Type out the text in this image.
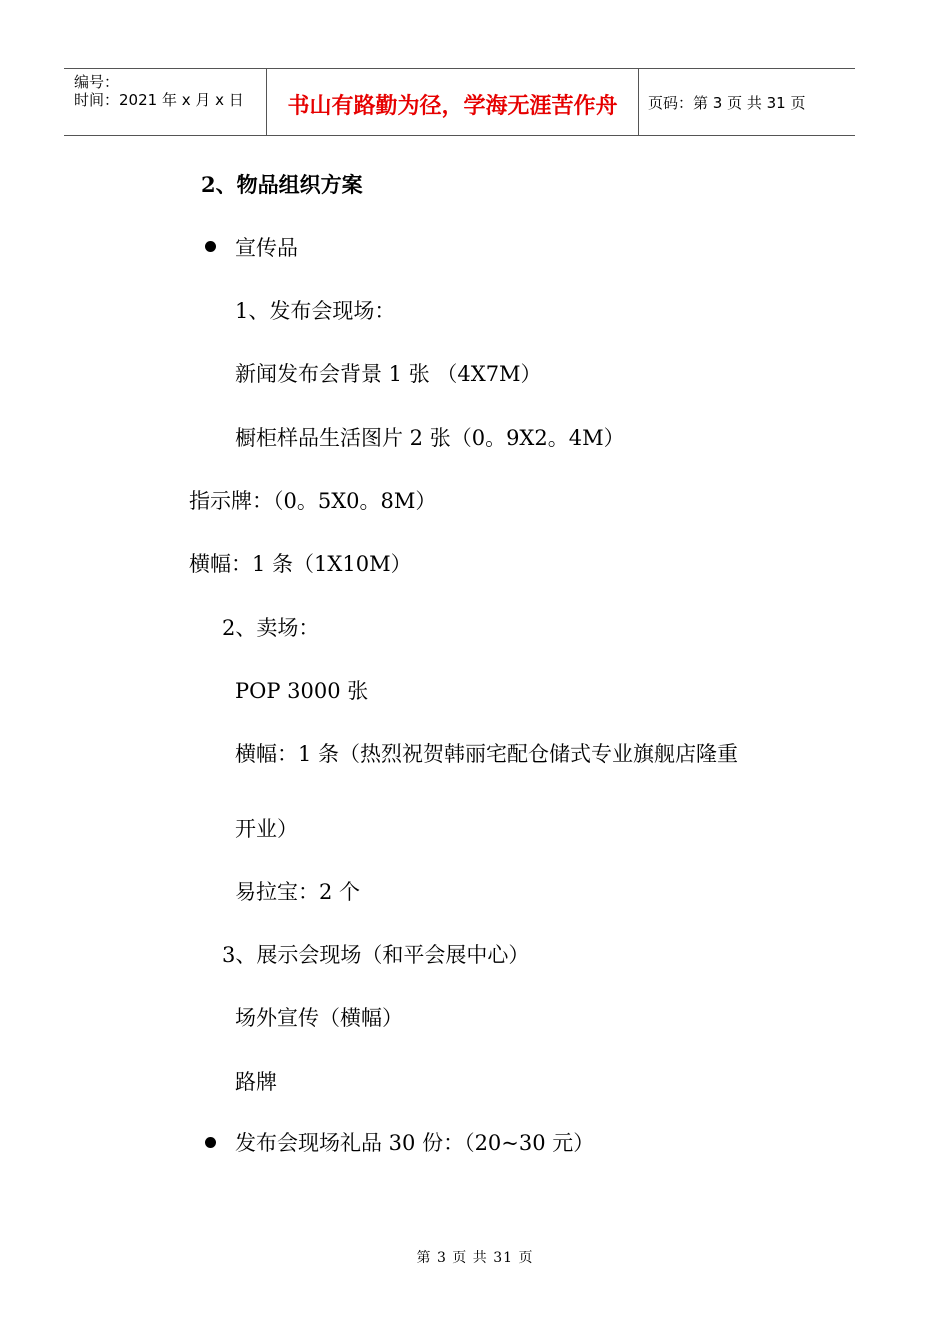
编号：
时间：2021 年 x 月 x 日	书山有路勤为径，学海无涯苦作舟	页码：第 3 页 共 31 页
2、物品组织方案
宣传品
1、发布会现场：
新闻发布会背景 1 张 （4X7M）
橱柜样品生活图片 2 张（0。9X2。4M）
指示牌：（0。5X0。8M）
横幅：1 条（1X10M）
2、卖场：
POP 3000 张
横幅：1 条（热烈祝贺韩丽宅配仓储式专业旗舰店隆重
开业）
易拉宝：2 个
3、展示会现场（和平会展中心）
场外宣传（横幅）
路牌
发布会现场礼品 30 份：（20~30 元）
第 3 页 共 31 页
